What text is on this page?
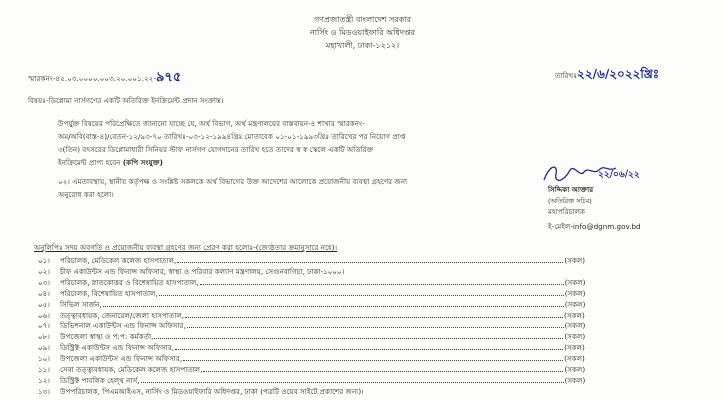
গণপ্রজাতন্ত্রী বাংলাদেশ সরকার
নার্সিং ও মিডওয়াইফারি অধিদপ্তর
মহাখালী, ঢাকা-১২১২।
স্মারকনং-৪৫.০৩.০০০০.০০৩.২০.০০১.২২-৯৭৫	তারিখঃ২২/৬/২০২২খ্রিঃ
বিষয়ঃ-ডিপ্লোমা নার্সগণের একটি অতিরিক্ত ইনক্রিমেন্ট প্রদান সংক্রান্ত।
উপর্যুক্ত বিষয়ের পরিপ্রেক্ষিতে জানানো যাচ্ছে যে, অর্থ বিভাগ, অর্থ মন্ত্রণালয়ের বাস্তবায়ন-৪ শাখার স্মারকনং-
অম/অবি(বাস্ত-৪)/বেতন-১২/৯৩-৭০ তারিখঃ-০৩-১২-১৯৯৪খ্রিঃ মোতাবেক ০১-০১-১৯৯৩খ্রিঃ তারিখের পর নিয়োগ প্রাপ্ত
৩(তিন) বৎসরের ডিপ্লোমাধারী সিনিয়র স্টাফ নার্সগণ যোগদানের তারিখ হতে তাদের স্ব স্ব স্কেলে একটি অতিরিক্ত
ইনক্রিমেন্ট প্রাপ্য হবেন (কপি সংযুক্ত)
০২। এমতাবস্থায়, স্থানীয় কর্তৃপক্ষ ও সংশ্লিষ্ট সকলকে অর্থ বিভাগের উক্ত আদেশের আলোকে প্রয়োজনীয় ব্যবস্থা গ্রহণের জন্য
অনুরোধ করা হলো।
২২/০৬/২২
সিদ্দিকা আক্তার
(অতিরিক্ত সচিব)
মহাপরিচালক
ই-মেইল-info@dgnm.gov.bd
অনুলিপিঃ সদয় অবগতি ও প্রয়োজনীয় ব্যবস্থা গ্রহণের জন্য প্রেরণ করা হলোঃ-(জ্যেষ্ঠতার ক্রমানুসারে নহে)।
০১। পরিচালক, মেডিকেল কলেজ হাসপাতাল,	(সকল)
০২। চীফ একাউন্টস এন্ড ফিনান্স অফিসার, স্বাস্থ্য ও পরিবার কল্যাণ মন্ত্রণালয়, সেগুনবাগিচা, ঢাকা-১০০০।
০৩। পরিচালক, স্নাতকোত্তর ও বিশেষায়িত হাসপাতাল,	(সকল)
০৪। পরিচালক, বিশেষায়িত হাসপাতাল,	(সকল)
০৫। সিভিল সার্জন,	(সকল)
০৬। তত্ত্বাবধায়ক, জেনারেল/জেলা হাসপাতাল,	(সকল)
০৭। ডিভিশনাল একাউন্টস এন্ড ফিনান্স অফিসার,	(সকল)
০৮। উপজেলা স্বাস্থ্য ও প:প: কর্মকর্তা,	(সকল)
০৯। ডিস্ট্রিক্ট একাউন্টস এন্ড ফিনান্স অফিসার,	(সকল)
১০। উপজেলা একাউন্টস এন্ড ফিনান্স অফিসার,	(সকল)
১১। সেবা তত্ত্বাবধায়ক, মেডিকেল কলেজ হাসপাতাল,	(সকল)
১২। ডিস্ট্রিক্ট পাবলিক হেল্থ নার্স,	(সকল)
১৩। উপপরিচালক, পিএমআইএস, নার্সিং ও মিডওয়াইফারি অধিদপ্তর, ঢাকা (পত্রটি ওয়েব সাইটে প্রকাশের জন্য)।
